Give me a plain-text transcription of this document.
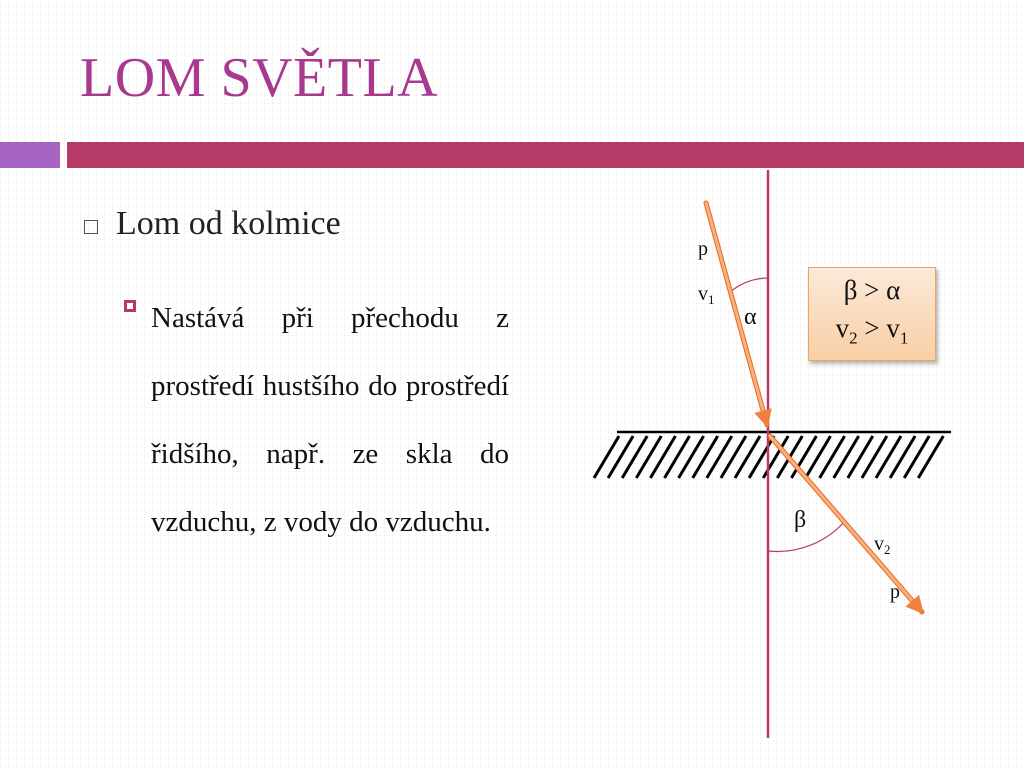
LOM SVĚTLA
Lom od kolmice
Nastává při přechodu z prostředí hustšího do prostředí řidšího, např. ze skla do vzduchu, z vody do vzduchu.
p
$v_1$
α
β
$v_2$
p
β > α
$v_2 > v_1$
